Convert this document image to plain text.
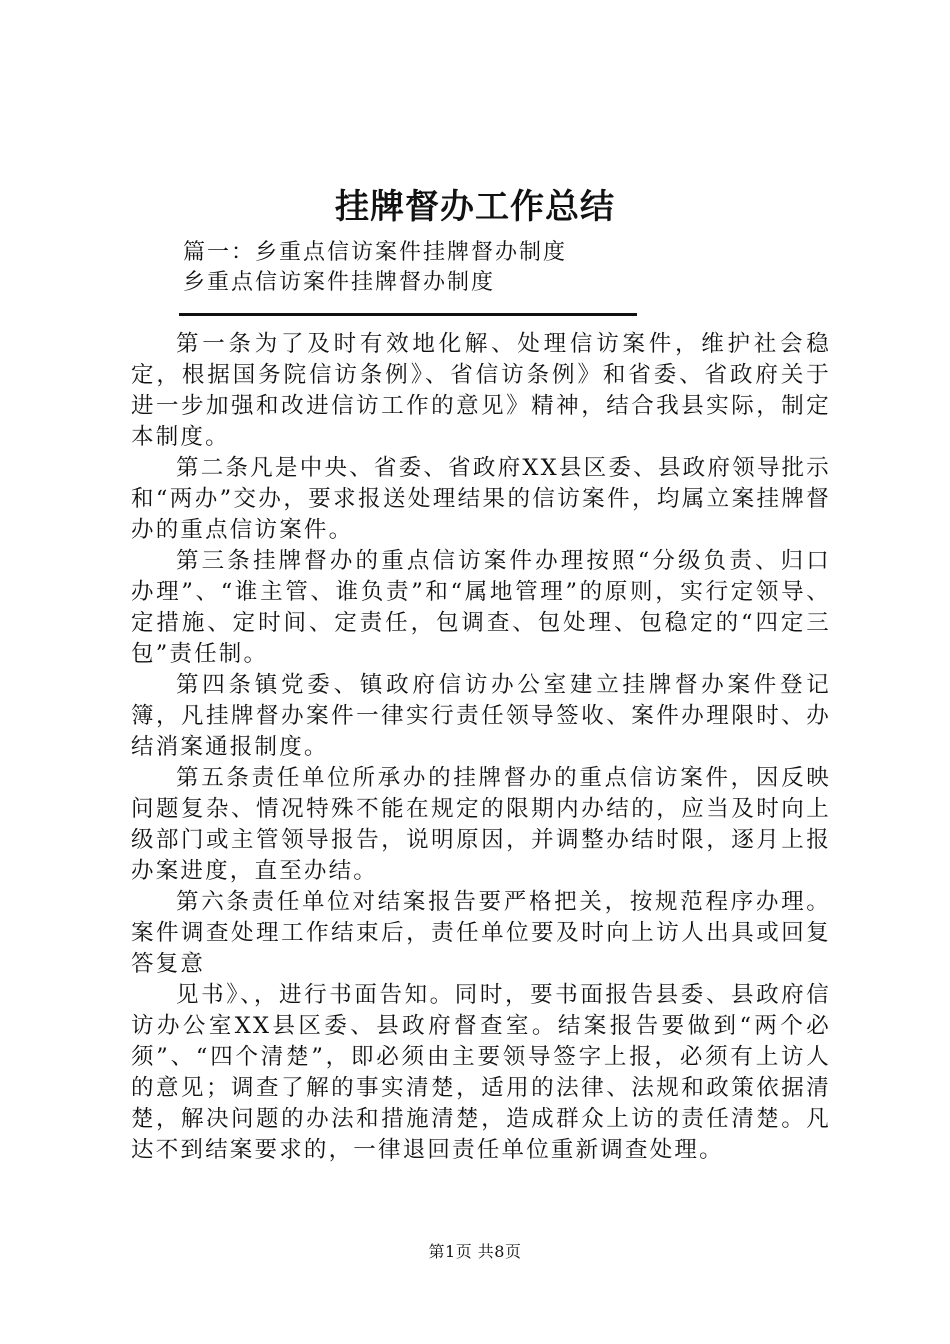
挂牌督办工作总结
篇一：乡重点信访案件挂牌督办制度
乡重点信访案件挂牌督办制度

第一条为了及时有效地化解、处理信访案件，维护社会稳定，根据国务院信访条例》、省信访条例》和省委、省政府关于进一步加强和改进信访工作的意见》精神，结合我县实际，制定本制度。

第二条凡是中央、省委、省政府XX县区委、县政府领导批示和“两办”交办，要求报送处理结果的信访案件，均属立案挂牌督办的重点信访案件。

第三条挂牌督办的重点信访案件办理按照“分级负责、归口办理”、“谁主管、谁负责”和“属地管理”的原则，实行定领导、定措施、定时间、定责任，包调查、包处理、包稳定的“四定三包”责任制。

第四条镇党委、镇政府信访办公室建立挂牌督办案件登记簿，凡挂牌督办案件一律实行责任领导签收、案件办理限时、办结消案通报制度。

第五条责任单位所承办的挂牌督办的重点信访案件，因反映问题复杂、情况特殊不能在规定的限期内办结的，应当及时向上级部门或主管领导报告，说明原因，并调整办结时限，逐月上报办案进度，直至办结。

第六条责任单位对结案报告要严格把关，按规范程序办理。案件调查处理工作结束后，责任单位要及时向上访人出具或回复答复意

见书》、，进行书面告知。同时，要书面报告县委、县政府信访办公室XX县区委、县政府督查室。结案报告要做到“两个必须”、“四个清楚”，即必须由主要领导签字上报，必须有上访人的意见；调查了解的事实清楚，适用的法律、法规和政策依据清楚，解决问题的办法和措施清楚，造成群众上访的责任清楚。凡达不到结案要求的，一律退回责任单位重新调查处理。

第1页 共8页
